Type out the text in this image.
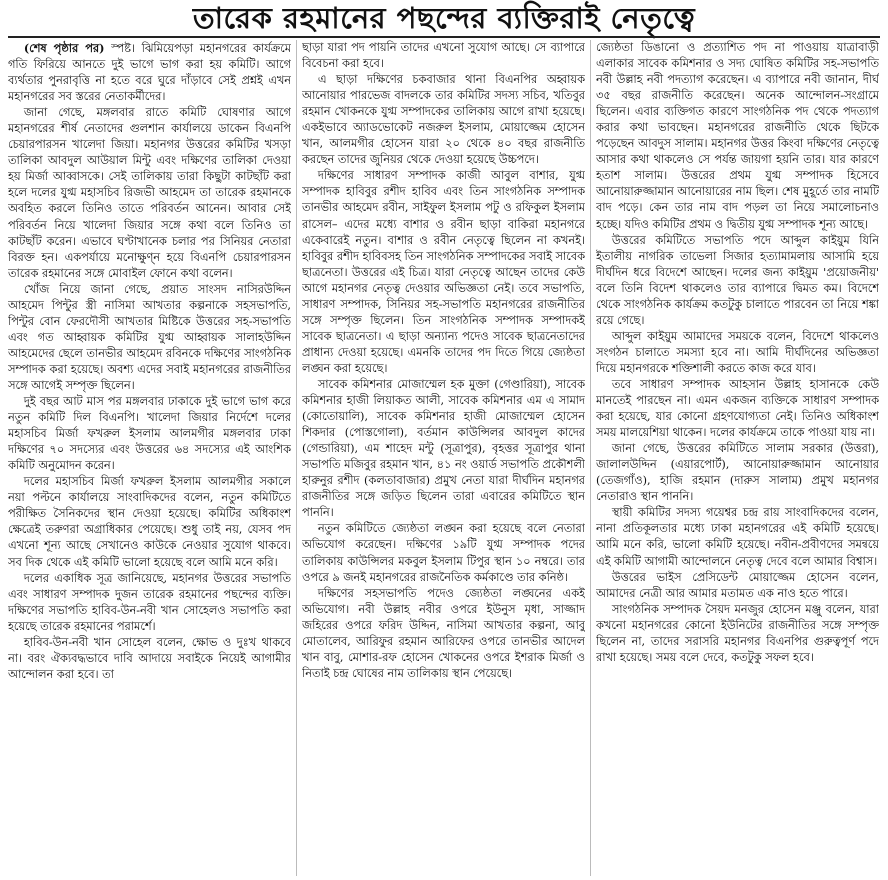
তারেক রহমানের পছন্দের ব্যক্তিরাই নেতৃত্বে

(শেষ পৃষ্ঠার পর) স্পষ্ট। ঝিমিয়েপড়া মহানগরের কার্যক্রমে গতি ফিরিয়ে আনতে দুই ভাগে ভাগ করা হয় কমিটি। আগে ব্যর্থতার পুনরাবৃত্তি না হতে বরে ঘুরে দাঁড়াবে সেই প্রশ্নই এখন মহানগরের সব স্তরের নেতাকর্মীদের।

জানা গেছে, মঙ্গলবার রাতে কমিটি ঘোষণার আগে মহানগরের শীর্ষ নেতাদের গুলশান কার্যালয়ে ডাকেন বিএনপি চেয়ারপারসন খালেদা জিয়া। মহানগর উত্তরের কমিটির খসড়া তালিকা আবদুল আউয়াল মিন্টু এবং দক্ষিণের তালিকা দেওয়া হয় মির্জা আব্বাসকে। সেই তালিকায় তারা কিছুটা কাটছাঁট করা হলে দলের যুগ্ম মহাসচিব রিজভী আহমেদ তা তারেক রহমানকে অবহিত করলে তিনিও তাতে পরিবর্তন আনেন। আবার সেই পরিবর্তন নিয়ে খালেদা জিয়ার সঙ্গে কথা বলে তিনিও তা কাটছাঁট করেন। এভাবে ঘণ্টাখানেক চলার পর সিনিয়র নেতারা বিরক্ত হন। একপর্যায়ে মনোক্ষুণ্ন হয়ে বিএনপি চেয়ারপারসন তারেক রহমানের সঙ্গে মোবাইল ফোনে কথা বলেন।

খোঁজ নিয়ে জানা গেছে, প্রয়াত সাংসদ নাসিরউদ্দিন আহমেদ পিন্টুর স্ত্রী নাসিমা আখতার কল্পনাকে সহসভাপতি, পিন্টুর বোন ফেরদৌসী আখতার মিষ্টিকে উত্তরের সহ-সভাপতি এবং গত আহ্বায়ক কমিটির যুগ্ম আহ্বায়ক সালাহউদ্দিন আহমেদের ছেলে তানভীর আহমেদ রবিনকে দক্ষিণের সাংগঠনিক সম্পাদক করা হয়েছে। অবশ্য এদের সবাই মহানগরের রাজনীতির সঙ্গে আগেই সম্পৃক্ত ছিলেন।

দুই বছর আট মাস পর মঙ্গলবার ঢাকাকে দুই ভাগে ভাগ করে নতুন কমিটি দিল বিএনপি। খালেদা জিয়ার নির্দেশে দলের মহাসচিব মির্জা ফখরুল ইসলাম আলমগীর মঙ্গলবার ঢাকা দক্ষিণের ৭০ সদস্যের এবং উত্তরের ৬৪ সদস্যের এই আংশিক কমিটি অনুমোদন করেন।

দলের মহাসচিব মির্জা ফখরুল ইসলাম আলমগীর সকালে নয়া পল্টনে কার্যালয়ে সাংবাদিকদের বলেন, নতুন কমিটিতে পরীক্ষিত সৈনিকদের স্থান দেওয়া হয়েছে। কমিটির অধিকাংশ ক্ষেত্রেই তরুণরা অগ্রাধিকার পেয়েছে। শুধু তাই নয়, যেসব পদ এখনো শূন্য আছে সেখানেও কাউকে নেওয়ার সুযোগ থাকবে। সব দিক থেকে এই কমিটি ভালো হয়েছে বলে আমি মনে করি।

দলের একাধিক সূত্র জানিয়েছে, মহানগর উত্তরের সভাপতি এবং সাধারণ সম্পাদক দুজন তারেক রহমানের পছন্দের ব্যক্তি। দক্ষিণের সভাপতি হাবিব-উন-নবী খান সোহেলও সভাপতি করা হয়েছে তারেক রহমানের পরামর্শে।

হাবিব-উন-নবী খান সোহেল বলেন, ক্ষোভ ও দুঃখ থাকবে না। বরং ঐক্যবদ্ধভাবে দাবি আদায়ে সবাইকে নিয়েই আগামীর আন্দোলন করা হবে। তা

ছাড়া যারা পদ পায়নি তাদের এখনো সুযোগ আছে। সে ব্যাপারে বিবেচনা করা হবে।

এ ছাড়া দক্ষিণের চকবাজার থানা বিএনপির অহ্বায়ক আনোয়ার পারভেজ বাদলকে তার কমিটির সদস্য সচিব, খতিবুর রহমান খোকনকে যুগ্ম সম্পাদকের তালিকায় আগে রাখা হয়েছে। একইভাবে অ্যাডভোকেট নজরুল ইসলাম, মোয়াজ্জেম হোসেন খান, আলমগীর হোসেন যারা ২০ থেকে ৪০ বছর রাজনীতি করছেন তাদের জুনিয়র থেকে দেওয়া হয়েছে উচ্চপদে।

দক্ষিণের সাধারণ সম্পাদক কাজী আবুল বাশার, যুগ্ম সম্পাদক হাবিবুর রশীদ হাবিব এবং তিন সাংগঠনিক সম্পাদক তানভীর আহমেদ রবীন, সাইফুল ইসলাম পটু ও রফিকুল ইসলাম রাসেল– এদের মধ্যে বাশার ও রবীন ছাড়া বাকিরা মহানগরে একেবারেই নতুন। বাশার ও রবীন নেতৃত্বে ছিলেন না কখনই। হাবিবুর রশীদ হাবিবসহ তিন সাংগঠনিক সম্পাদকের সবাই সাবেক ছাত্রনেতা। উত্তরের এই চিত্র। যারা নেতৃত্বে আছেন তাদের কেউ আগে মহানগর নেতৃত্ব দেওয়ার অভিজ্ঞতা নেই। তবে সভাপতি, সাধারণ সম্পাদক, সিনিয়র সহ-সভাপতি মহানগরের রাজনীতির সঙ্গে সম্পৃক্ত ছিলেন। তিন সাংগঠনিক সম্পাদক সম্পাদকই সাবেক ছাত্রনেতা। এ ছাড়া অন্যান্য পদেও সাবেক ছাত্রনেতাদের প্রাধান্য দেওয়া হয়েছে। এমনকি তাদের পদ দিতে গিয়ে জ্যেষ্ঠতা লঙ্ঘন করা হয়েছে।

সাবেক কমিশনার মোজাম্মেল হক মুক্তা (গেণ্ডারিয়া), সাবেক কমিশনার হাজী লিয়াকত আলী, সাবেক কমিশনার এম এ সামাদ (কোতোয়ালি), সাবেক কমিশনার হাজী মোজাম্মেল হোসেন শিকদার (পোস্তগোলা), বর্তমান কাউন্সিলর আবদুল কাদের (গেন্ডারিয়া), এম শাহেদ মন্টু (সূত্রাপুর), বৃহত্তর সূত্রাপুর থানা সভাপতি মজিবুর রহমান খান, ৪১ নং ওয়ার্ড সভাপতি প্রকৌশলী হারুনুর রশীদ (কলতাবাজার) প্রমুখ নেতা যারা দীর্ঘদিন মহানগর রাজনীতির সঙ্গে জড়িত ছিলেন তারা এবারের কমিটিতে স্থান পাননি।

নতুন কমিটিতে জ্যেষ্ঠতা লঙ্ঘন করা হয়েছে বলে নেতারা অভিযোগ করেছেন। দক্ষিণের ১৯টি যুগ্ম সম্পাদক পদের তালিকায় কাউন্সিলর মকবুল ইসলাম টিপুর স্থান ১০ নম্বরে। তার ওপরে ৯ জনই মহানগরের রাজনৈতিক কর্মকাণ্ডে তার কনিষ্ঠ।

দক্ষিণের সহসভাপতি পদেও জ্যেষ্ঠতা লঙ্ঘনের একই অভিযোগ। নবী উল্লাহ নবীর ওপরে ইউনুস মৃধা, সাজ্জাদ জহিরের ওপরে ফরিদ উদ্দিন, নাসিমা আখতার কল্পনা, আবু মোতালেব, আরিফুর রহমান আরিফের ওপরে তানভীর আদেল খান বাবু, মোশার-রফ হোসেন খোকনের ওপরে ইশরাক মির্জা ও নিতাই চন্দ্র ঘোষের নাম তালিকায় স্থান পেয়েছে।

জ্যেষ্ঠতা ডিঙানো ও প্রত্যাশিত পদ না পাওয়ায় যাত্রাবাড়ী এলাকার সাবেক কমিশনার ও সদ্য ঘোষিত কমিটির সহ-সভাপতি নবী উল্লাহ নবী পদত্যাগ করেছেন। এ ব্যাপারে নবী জানান, দীর্ঘ ৩৫ বছর রাজনীতি করেছেন। অনেক আন্দোলন-সংগ্রামে ছিলেন। এবার ব্যক্তিগত কারণে সাংগঠনিক পদ থেকে পদত্যাগ করার কথা ভাবছেন। মহানগরের রাজনীতি থেকে ছিটকে পড়েছেন আবদুস সালাম। মহানগর উত্তর কিংবা দক্ষিণের নেতৃত্বে আসার কথা থাকলেও সে পর্যন্ত জায়গা হয়নি তার। যার কারণে হতাশ সালাম। উত্তরের প্রথম যুগ্ম সম্পাদক হিসেবে আনোয়ারুজ্জামান আনোয়ারের নাম ছিল। শেষ মুহূর্তে তার নামটি বাদ পড়ে। কেন তার নাম বাদ পড়ল তা নিয়ে সমালোচনাও হচ্ছে। যদিও কমিটির প্রথম ও দ্বিতীয় যুগ্ম সম্পাদক শূন্য আছে।

উত্তরের কমিটিতে সভাপতি পদে আব্দুল কাইয়ুম যিনি ইতালীয় নাগরিক তাভেলা সিজার হত্যামামলায় আসামি হয়ে দীর্ঘদিন ধরে বিদেশে আছেন। দলের জন্য কাইয়ুম 'প্রয়োজনীয়' বলে তিনি বিদেশ থাকলেও তার ব্যাপারে দ্বিমত কম। বিদেশে থেকে সাংগঠনিক কার্যক্রম কতটুকু চালাতে পারবেন তা নিয়ে শঙ্কা রয়ে গেছে।

আব্দুল কাইয়ুম আমাদের সময়কে বলেন, বিদেশে থাকলেও সংগঠন চালাতে সমস্যা হবে না। আমি দীর্ঘদিনের অভিজ্ঞতা দিয়ে মহানগরকে শক্তিশালী করতে কাজ করে যাব।

তবে সাধারণ সম্পাদক আহসান উল্লাহ হাসানকে কেউ মানতেই পারছেন না। এমন একজন ব্যক্তিকে সাধারণ সম্পাদক করা হয়েছে, যার কোনো গ্রহণযোগ্যতা নেই। তিনিও অধিকাংশ সময় মালয়েশিয়া থাকেন। দলের কার্যক্রমে তাকে পাওয়া যায় না।

জানা গেছে, উত্তরের কমিটিতে সালাম সরকার (উত্তরা), জালালউদ্দিন (এয়ারপোর্ট), আনোয়ারুজ্জামান আনোয়ার (তেজগাঁও), হাজি রহমান (দারুস সালাম) প্রমুখ মহানগর নেতারাও স্থান পাননি।

স্থায়ী কমিটির সদস্য গয়েশ্বর চন্দ্র রায় সাংবাদিকদের বলেন, নানা প্রতিকূলতার মধ্যে ঢাকা মহানগরের এই কমিটি হয়েছে। আমি মনে করি, ভালো কমিটি হয়েছে। নবীন-প্রবীণদের সমন্বয়ে এই কমিটি আগামী আন্দোলনে নেতৃত্ব দেবে বলে আমার বিশ্বাস।

উত্তরের ভাইস প্রেসিডেন্ট মোয়াজ্জেম হোসেন বলেন, আমাদের নেত্রী আর আমার মতামত এক নাও হতে পারে।

সাংগঠনিক সম্পাদক সৈয়দ মনজুর হোসেন মঞ্জু বলেন, যারা কখনো মহানগরের কোনো ইউনিটের রাজনীতির সঙ্গে সম্পৃক্ত ছিলেন না, তাদের সরাসরি মহানগর বিএনপির গুরুত্বপূর্ণ পদে রাখা হয়েছে। সময় বলে দেবে, কতটুকু সফল হবে।
